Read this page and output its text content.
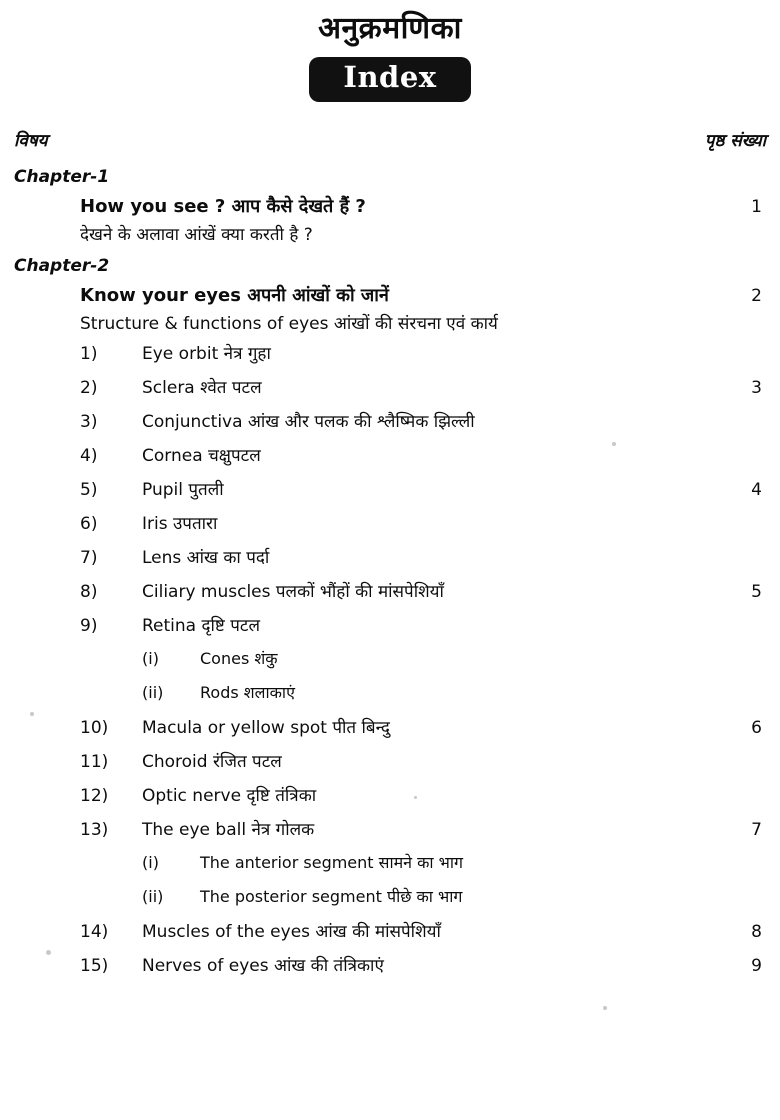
अनुक्रमणिका
Index
विषय	पृष्ठ संख्या
Chapter-1
How you see ? आप कैसे देखते हैं ?	1
देखने के अलावा आंखें क्या करती है ?
Chapter-2
Know your eyes अपनी आंखों को जानें	2
Structure & functions of eyes आंखों की संरचना एवं कार्य
1)	Eye orbit नेत्र गुहा
2)	Sclera श्वेत पटल	3
3)	Conjunctiva आंख और पलक की श्लैष्मिक झिल्ली
4)	Cornea चक्षुपटल
5)	Pupil पुतली	4
6)	Iris उपतारा
7)	Lens आंख का पर्दा
8)	Ciliary muscles पलकों भौंहों की मांसपेशियाँ	5
9)	Retina दृष्टि पटल
(i)	Cones शंकु
(ii)	Rods शलाकाएं
10)	Macula or yellow spot पीत बिन्दु	6
11)	Choroid रंजित पटल
12)	Optic nerve दृष्टि तंत्रिका
13)	The eye ball नेत्र गोलक	7
(i)	The anterior segment सामने का भाग
(ii)	The posterior segment पीछे का भाग
14)	Muscles of the eyes आंख की मांसपेशियाँ	8
15)	Nerves of eyes आंख की तंत्रिकाएं	9
